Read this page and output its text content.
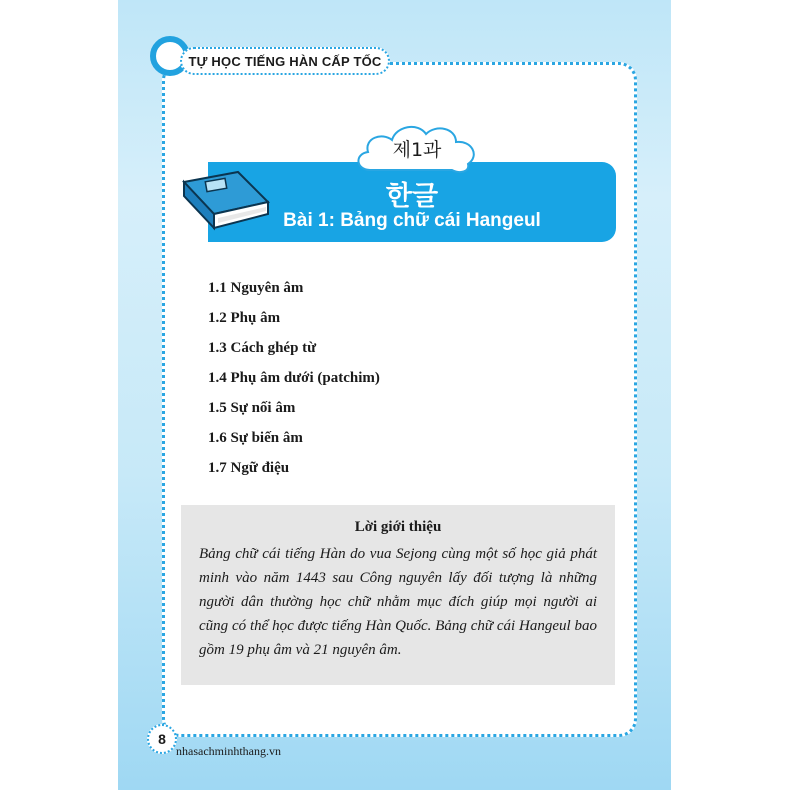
TỰ HỌC TIẾNG HÀN CẤP TỐC
제1과
한글
Bài 1: Bảng chữ cái Hangeul
1.1 Nguyên âm
1.2 Phụ âm
1.3 Cách ghép từ
1.4 Phụ âm dưới (patchim)
1.5 Sự nối âm
1.6 Sự biến âm
1.7 Ngữ điệu
Lời giới thiệu

Bảng chữ cái tiếng Hàn do vua Sejong cùng một số học giả phát minh vào năm 1443 sau Công nguyên lấy đối tượng là những người dân thường học chữ nhằm mục đích giúp mọi người ai cũng có thể học được tiếng Hàn Quốc. Bảng chữ cái Hangeul bao gồm 19 phụ âm và 21 nguyên âm.

8
nhasachminhthang.vn
